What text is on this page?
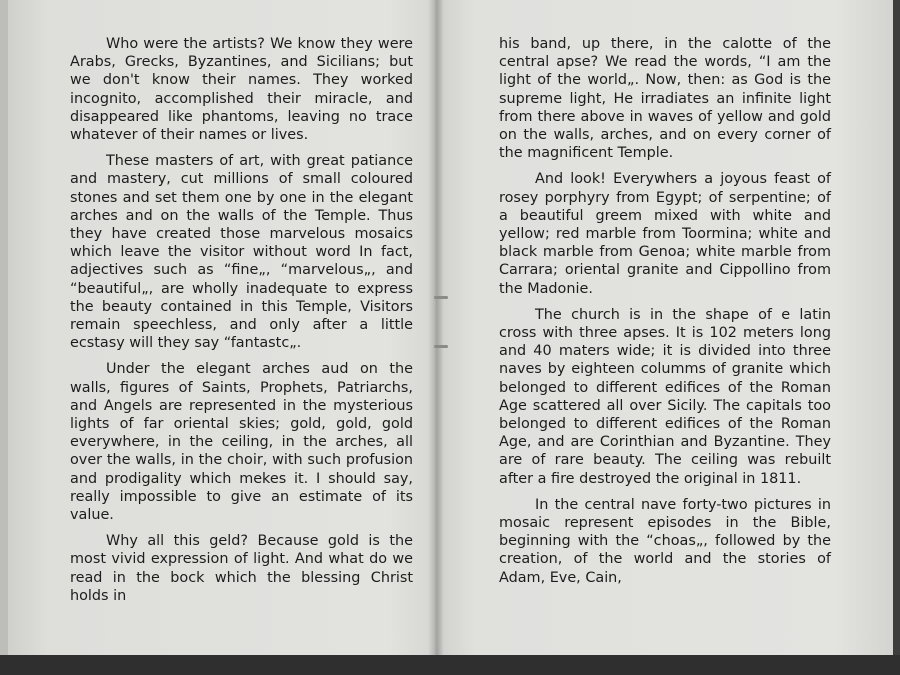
Who were the artists? We know they were Arabs, Grecks, Byzantines, and Sicilians; but we don't know their names. They worked incognito, accomplished their miracle, and disappeared like phantoms, leaving no trace whatever of their names or lives.

These masters of art, with great patiance and mastery, cut millions of small coloured stones and set them one by one in the elegant arches and on the walls of the Temple. Thus they have created those marvelous mosaics which leave the visitor without word In fact, adjectives such as “fine„, “marvelous„, and “beautiful„, are wholly inadequate to express the beauty contained in this Temple, Visitors remain speechless, and only after a little ecstasy will they say “fantastc„.

Under the elegant arches aud on the walls, figures of Saints, Prophets, Patriarchs, and Angels are represented in the mysterious lights of far oriental skies; gold, gold, gold everywhere, in the ceiling, in the arches, all over the walls, in the choir, with such profusion and prodigality which mekes it. I should say, really impossible to give an estimate of its value.

Why all this geld? Because gold is the most vivid expression of light. And what do we read in the bock which the blessing Christ holds in

his band, up there, in the calotte of the central apse? We read the words, “I am the light of the world„. Now, then: as God is the supreme light, He irradiates an infinite light from there above in waves of yellow and gold on the walls, arches, and on every corner of the magnificent Temple.

And look! Everywhers a joyous feast of rosey porphyry from Egypt; of serpentine; of a beautiful greem mixed with white and yellow; red marble from Toormina; white and black marble from Genoa; white marble from Carrara; oriental granite and Cippollino from the Madonie.

The church is in the shape of e latin cross with three apses. It is 102 meters long and 40 maters wide; it is divided into three naves by eighteen columms of granite which belonged to different edifices of the Roman Age scattered all over Sicily. The capitals too belonged to different edifices of the Roman Age, and are Corinthian and Byzantine. They are of rare beauty. The ceiling was rebuilt after a fire destroyed the original in 1811.

In the central nave forty-two pictures in mosaic represent episodes in the Bible, beginning with the “choas„, followed by the creation, of the world and the stories of Adam, Eve, Cain,
